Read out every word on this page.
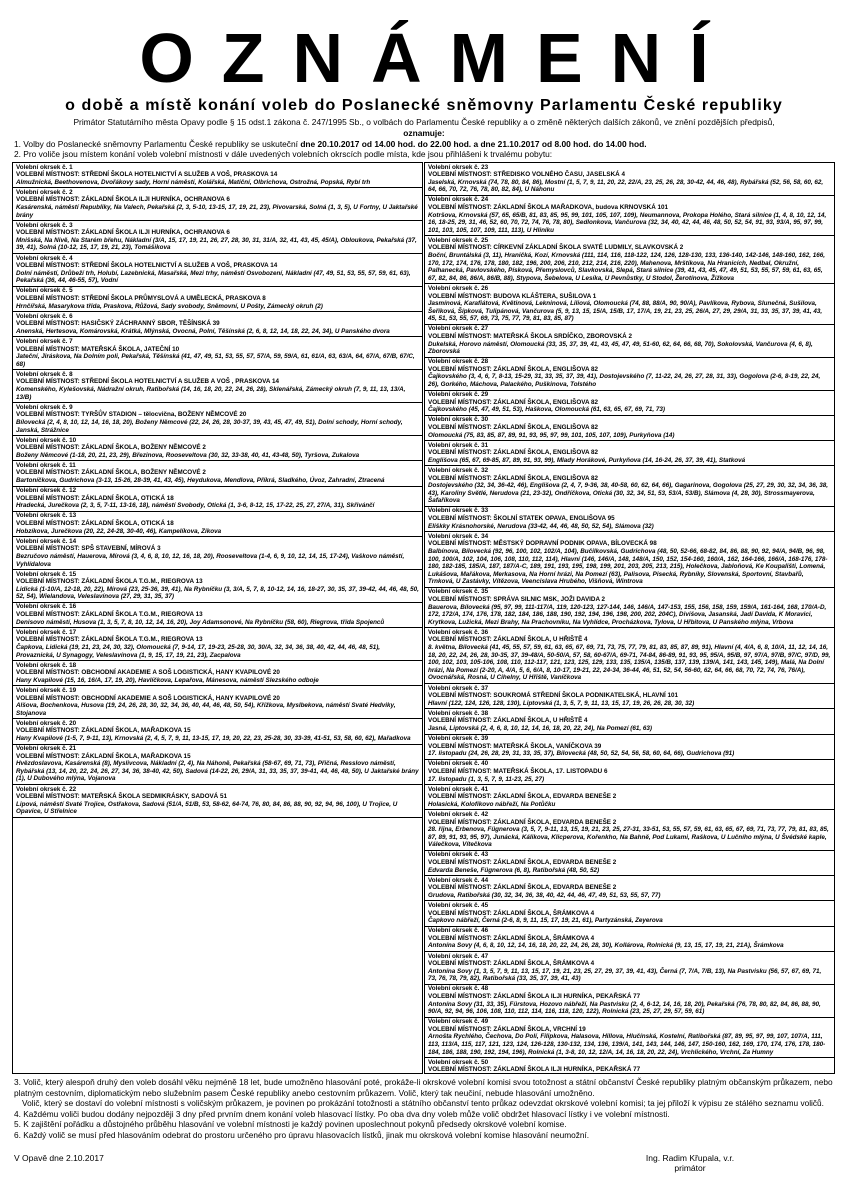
OZNÁMENÍ
o době a místě konání voleb do Poslanecké sněmovny Parlamentu České republiky
Primátor Statutárního města Opavy podle § 15 odst.1 zákona č. 247/1995 Sb., o volbách do Parlamentu České republiky a o změně některých dalších zákonů, ve znění pozdějších předpisů,
oznamuje:
1. Volby do Poslanecké sněmovny Parlamentu České republiky se uskuteční dne 20.10.2017 od 14.00 hod. do 22.00 hod. a dne 21.10.2017 od 8.00 hod. do 14.00 hod.
2. Pro voliče jsou místem konání voleb volební místnosti v dále uvedených volebních okrscích podle místa, kde jsou přihlášeni k trvalému pobytu:
Volební okrsek č. 1
VOLEBNÍ MÍSTNOST: STŘEDNÍ ŠKOLA HOTELNICTVÍ A SLUŽEB A VOŠ, PRASKOVA 14
Almužnická, Beethovenova, Dvořákovy sady, Horní náměstí, Kolářská, Matiční, Olbrichova, Ostrožná, Popská, Rybí trh
Volební okrsek č. 2
VOLEBNÍ MÍSTNOST: ZÁKLADNÍ ŠKOLA ILJI HURNÍKA, OCHRANOVA 6
Kasárenská, náměstí Republiky, Na Valech, Pekařská (2, 3, 5-10, 13-15, 17, 19, 21, 23), Pivovarská, Solná (1, 3, 5), U Fortny, U Jaktařské brány
Volební okrsek č. 3
VOLEBNÍ MÍSTNOST: ZÁKLADNÍ ŠKOLA ILJI HURNÍKA, OCHRANOVA 6
Mnišská, Na Nivě, Na Starém břehu, Nákladní (3/A, 15, 17, 19, 21, 26, 27, 28, 30, 31, 31/A, 32, 41, 43, 45, 45/A), Obloukova, Pekařská (37, 39, 41), Solná (10-12, 15, 17, 19, 21, 23), Tomášikova
Volební okrsek č. 4
VOLEBNÍ MÍSTNOST: STŘEDNÍ ŠKOLA HOTELNICTVÍ A SLUŽEB A VOŠ, PRASKOVA 14
Dolní náměstí, Drůbeží trh, Holubí, Lazebnická, Masařská, Mezi trhy, náměstí Osvobození, Nákladní (47, 49, 51, 53, 55, 57, 59, 61, 63), Pekařská (36, 44, 46-55, 57), Vodní
Volební okrsek č. 5
VOLEBNÍ MÍSTNOST: STŘEDNÍ ŠKOLA PRŮMYSLOVÁ A UMĚLECKÁ, PRASKOVA 8
Hrnčířská, Masarykova třída, Praskova, Růžová, Sady svobody, Sněmovní, U Pošty, Zámecký okruh (2)
Volební okrsek č. 6
VOLEBNÍ MÍSTNOST: HASIČSKÝ ZÁCHRANNÝ SBOR, TĚŠÍNSKÁ 39
Anenská, Hertesova, Komárovská, Krátká, Mlýnská, Ovocná, Polní, Těšínská (2, 6, 8, 12, 14, 18, 22, 24, 34), U Panského dvora
Volební okrsek č. 7
VOLEBNÍ MÍSTNOST: MATEŘSKÁ ŠKOLA, JATEČNÍ 10
Jateční, Jiráskova, Na Dolním poli, Pekařská, Těšínská (41, 47, 49, 51, 53, 55, 57, 57/A, 59, 59/A, 61, 61/A, 63, 63/A, 64, 67/A, 67/B, 67/C, 68)
Volební okrsek č. 8
VOLEBNÍ MÍSTNOST: STŘEDNÍ ŠKOLA HOTELNICTVÍ A SLUŽEB A VOŠ , PRASKOVA 14
Komenského, Kylešovská, Nádražní okruh, Ratibořská (14, 16, 18, 20, 22, 24, 26, 28), Sklenářská, Zámecký okruh (7, 9, 11, 13, 13/A, 13/B)
Volební okrsek č. 9
VOLEBNÍ MÍSTNOST: TYRŠŮV STADION – tělocvična, BOŽENY NĚMCOVÉ 20
Bílovecká (2, 4, 8, 10, 12, 14, 16, 18, 20), Boženy Němcové (22, 24, 26, 28, 30-37, 39, 43, 45, 47, 49, 51), Dolní schody, Horní schody, Janská, Strážnice
Volební okrsek č. 10
VOLEBNÍ MÍSTNOST: ZÁKLADNÍ ŠKOLA, BOŽENY NĚMCOVÉ 2
Boženy Němcové (1-18, 20, 21, 23, 29), Březinova, Rooseveltova (30, 32, 33-38, 40, 41, 43-48, 50), Tyršova, Zukalova
Volební okrsek č. 11
VOLEBNÍ MÍSTNOST: ZÁKLADNÍ ŠKOLA, BOŽENY NĚMCOVÉ 2
Bartoníčkova, Gudrichova (3-13, 15-26, 28-39, 41, 43, 45), Heydukova, Mendlova, Příkrá, Sladkého, Úvoz, Zahradní, Ztracená
Volební okrsek č. 12
VOLEBNÍ MÍSTNOST: ZÁKLADNÍ ŠKOLA, OTICKÁ 18
Hradecká, Jurečkova (2, 3, 5, 7-11, 13-16, 18), náměstí Svobody, Otická (1, 3-6, 8-12, 15, 17-22, 25, 27, 27/A, 31), Skřivánčí
Volební okrsek č. 13
VOLEBNÍ MÍSTNOST: ZÁKLADNÍ ŠKOLA, OTICKÁ 18
Hobzíkova, Jurečkova (20, 22, 24-28, 30-40, 46), Kampelíkova, Zíkova
Volební okrsek č. 14
VOLEBNÍ MÍSTNOST: SPŠ STAVEBNÍ, MÍROVÁ 3
Bezručovo náměstí, Hauerova, Mírová (3, 4, 6, 8, 10, 12, 16, 18, 20), Rooseveltova (1-4, 6, 9, 10, 12, 14, 15, 17-24), Vaškovo náměstí, Vyhlídalova
Volební okrsek č. 15
VOLEBNÍ MÍSTNOST: ZÁKLADNÍ ŠKOLA T.G.M., RIEGROVA 13
Lidická (1-10/A, 12-18, 20, 22), Mírová (23, 25-36, 39, 41), Na Rybníčku (3, 3/A, 5, 7, 8, 10-12, 14, 16, 18-27, 30, 35, 37, 39-42, 44, 46, 48, 50, 52, 54), Wielandova, Veleslavínova (27, 29, 31, 35, 37)
Volební okrsek č. 16
VOLEBNÍ MÍSTNOST: ZÁKLADNÍ ŠKOLA T.G.M., RIEGROVA 13
Denisovo náměstí, Husova (1, 3, 5, 7, 8, 10, 12, 14, 16, 20), Joy Adamsonové, Na Rybníčku (58, 60), Riegrova, třída Spojenců
Volební okrsek č. 17
VOLEBNÍ MÍSTNOST: ZÁKLADNÍ ŠKOLA T.G.M., RIEGROVA 13
Čapkova, Lidická (19, 21, 23, 24, 30, 32), Olomoucká (7, 9-14, 17, 19-23, 25-28, 30, 30/A, 32, 34, 36, 38, 40, 42, 44, 46, 48, 51), Provaznická, U Synagogy, Veleslavínova (1, 9, 15, 17, 19, 21, 23), Zacpalova
Volební okrsek č. 18
VOLEBNÍ MÍSTNOST: OBCHODNÍ AKADEMIE A SOŠ LOGISTICKÁ, HANY KVAPILOVÉ 20
Hany Kvapilové (15, 16, 16/A, 17, 19, 20), Havlíčkova, Lepařova, Mánesova, náměstí Slezského odboje
Volební okrsek č. 19
VOLEBNÍ MÍSTNOST: OBCHODNÍ AKADEMIE A SOŠ LOGISTICKÁ, HANY KVAPILOVÉ 20
Alšova, Bochenkova, Husova (19, 24, 26, 28, 30, 32, 34, 36, 40, 44, 46, 48, 50, 54), Křížkova, Myslbekova, náměstí Svaté Hedviky, Stojanova
Volební okrsek č. 20
VOLEBNÍ MÍSTNOST: ZÁKLADNÍ ŠKOLA, MAŘADKOVA 15
Hany Kvapilové (1-5, 7, 9-11, 13), Krnovská (2, 4, 5, 7, 9, 11, 13-15, 17, 19, 20, 22, 23, 25-28, 30, 33-39, 41-51, 53, 58, 60, 62), Mařadkova
Volební okrsek č. 21
VOLEBNÍ MÍSTNOST: ZÁKLADNÍ ŠKOLA, MAŘADKOVA 15
Hvězdoslavova, Kasárenská (8), Myslivcova, Nákladní (2, 4), Na Náhoně, Pekařská (58-67, 69, 71, 73), Přičná, Resslovo náměstí, Rybářská (13, 14, 20, 22, 24, 26, 27, 34, 36, 38-40, 42, 50), Sadová (14-22, 26, 29/A, 31, 33, 35, 37, 39-41, 44, 46, 48, 50), U Jaktařské brány (1), U Dubového mlýna, Vojanova
Volební okrsek č. 22
VOLEBNÍ MÍSTNOST: MATEŘSKÁ ŠKOLA SEDMIKRÁSKY, SADOVÁ 51
Lipová, náměstí Svaté Trojice, Ostřakova, Sadová (51/A, 51/B, 53, 58-62, 64-74, 76, 80, 84, 86, 88, 90, 92, 94, 96, 100), U Trojice, U Opavice, U Střelnice
Volební okrsek č. 23
VOLEBNÍ MÍSTNOST: STŘEDISKO VOLNÉHO ČASU, JASELSKÁ 4
Jaselská, Krnovská (74, 78, 80, 84, 86), Mostní (1, 5, 7, 9, 11, 20, 22, 22/A, 23, 25, 26, 28, 30-42, 44, 46, 48), Rybářská (52, 56, 58, 60, 62, 64, 66, 70, 72, 76, 78, 80, 82, 84), U Náhonu
Volební okrsek č. 24
VOLEBNÍ MÍSTNOST: ZÁKLADNÍ ŠKOLA MAŘADKOVA, budova KRNOVSKÁ 101
Kotršova, Krnovská (57, 65, 65/B, 81, 83, 85, 95, 99, 101, 105, 107, 109), Neumannova, Prokopa Holého, Stará silnice (1, 4, 8, 10, 12, 14, 16, 18-25, 29, 31, 46, 52, 60, 70, 72, 74, 76, 78, 80), Sedlonkova, Vančurova (32, 34, 40, 42, 44, 46, 48, 50, 52, 54, 91, 93, 93/A, 95, 97, 99, 101, 103, 105, 107, 109, 111, 113), U Hliníku
Volební okrsek č. 25
VOLEBNÍ MÍSTNOST: CÍRKEVNÍ ZÁKLADNÍ ŠKOLA SVATÉ LUDMILY, SLAVKOVSKÁ 2
Boční, Bruntálská (3, 11), Hraničká, Kozí, Krnovská (111, 114, 116, 118-122, 124, 126, 128-130, 133, 136-140, 142-146, 148-160, 162, 166, 170, 172, 174, 176, 178, 180, 182, 196, 200, 206, 210, 212, 214, 216, 220), Mahenova, Mrštíkova, Na Hranicích, Nedbal, Okružní, Palhanecká, Pavlovského, Písková, Přemyslovců, Slavkovská, Slepá, Stará silnice (39, 41, 43, 45, 47, 49, 51, 53, 55, 57, 59, 61, 63, 65, 67, 82, 84, 86, 86/A, 86/B, 88), Stypova, Šebelova, U Lesíka, U Pevnůstky, U Stodol, Žerotínova, Žižkova
Volební okrsek č. 26
VOLEBNÍ MÍSTNOST: BUDOVA KLÁŠTERA, SUŠILOVA 1
Jasmínová, Karafiátová, Květinová, Lekninová, Liliová, Olomoucká (74, 88, 88/A, 90, 90/A), Pavlíkova, Rybova, Slunečná, Sušilova, Šeříková, Šípková, Tulipánová, Vančurova (5, 9, 13, 15, 15/A, 15/B, 17, 17/A, 19, 21, 23, 25, 26/A, 27, 29, 29/A, 31, 33, 35, 37, 39, 41, 43, 45, 51, 53, 55, 57, 69, 73, 75, 77, 79, 81, 83, 85, 87)
Volební okrsek č. 27
VOLEBNÍ MÍSTNOST: MATEŘSKÁ ŠKOLA SRDÍČKO, ZBOROVSKÁ 2
Dukelská, Horovo náměstí, Olomoucká (33, 35, 37, 39, 41, 43, 45, 47, 49, 51-60, 62, 64, 66, 68, 70), Sokolovská, Vančurova (4, 6, 8), Zborovská
Volební okrsek č. 28
VOLEBNÍ MÍSTNOST: ZÁKLADNÍ ŠKOLA, ENGLIŠOVA 82
Čajkovského (3, 4, 6, 7, 8-13, 15-29, 31, 33, 35, 37, 39, 41), Dostojevského (7, 11-22, 24, 26, 27, 28, 31, 33), Gogolova (2-6, 8-19, 22, 24, 26), Gorkého, Máchova, Palackého, Puškinova, Tolstého
Volební okrsek č. 29
VOLEBNÍ MÍSTNOST: ZÁKLADNÍ ŠKOLA, ENGLIŠOVA 82
Čajkovského (45, 47, 49, 51, 53), Haškova, Olomoucká (61, 63, 65, 67, 69, 71, 73)
Volební okrsek č. 30
VOLEBNÍ MÍSTNOST: ZÁKLADNÍ ŠKOLA, ENGLIŠOVA 82
Olomoucká (75, 83, 85, 87, 89, 91, 93, 95, 97, 99, 101, 105, 107, 109), Purkyňova (14)
Volební okrsek č. 31
VOLEBNÍ MÍSTNOST: ZÁKLADNÍ ŠKOLA, ENGLIŠOVA 82
Englišova (65, 67, 69-85, 87, 89, 91, 93, 99), Mlady Horákové, Purkyňova (14, 16-24, 26, 37, 39, 41), Statková
Volební okrsek č. 32
VOLEBNÍ MÍSTNOST: ZÁKLADNÍ ŠKOLA, ENGLIŠOVA 82
Dostojevského (32, 34, 36-42, 46), Englišova (2, 4, 7, 9-36, 38, 40-58, 60, 62, 64, 66), Gagarinova, Gogolova (25, 27, 29, 30, 32, 34, 36, 38, 43), Karoliny Světlé, Nerudova (21, 23-32), Ondříčkova, Otická (30, 32, 34, 51, 53, 53/A, 53/B), Slámova (4, 28, 30), Strossmayerova, Šafaříkova
Volební okrsek č. 33
VOLEBNÍ MÍSTNOST: ŠKOLNÍ STATEK OPAVA, ENGLIŠOVA 95
Eliškky Krásnohorské, Nerudova (33-42, 44, 46, 48, 50, 52, 54), Slámova (32)
Volební okrsek č. 34
VOLEBNÍ MÍSTNOST: MĚSTSKÝ DOPRAVNÍ PODNIK OPAVA, BÍLOVECKÁ 98
Balbínova, Bílovecká (92, 96, 100, 102, 102/A, 104), Bučilkovská, Gudrichova (48, 50, 52-66, 68-82, 84, 86, 88, 90, 92, 94/A, 94/B, 96, 98, 100, 100/A, 102, 104, 106, 108, 110, 112, 114), Hlavní (146, 146/A, 148, 148/A, 150, 152, 154-160, 160/A, 162, 164-166, 166/A, 168-176, 178-180, 182-185, 185/A, 187, 187/A-C, 189, 191, 193, 195, 198, 199, 201, 203, 205, 213, 215), Holečkova, Jabloňová, Ke Koupališti, Lomená, Lukášova, Mařákova, Merkasova, Na Horní hrázi, Na Pomezí (63), Palisova, Pisecká, Rybníky, Slovenská, Sportovní, Stavbařů, Trnková, U Zastávky, Vítězova, Veencislava Hrubého, Višňová, Wintrova
Volební okrsek č. 35
VOLEBNÍ MÍSTNOST: SPRÁVA SILNIC MSK, JOŽI DAVIDA 2
Bauerova, Bílovecká (95, 97, 99, 111-117/A, 119, 120-123, 127-144, 146, 146/A, 147-153, 155, 156, 158, 159, 159/A, 161-164, 168, 170/A-D, 172, 172/A, 174, 176, 178, 182, 184, 186, 188, 190, 192, 194, 196, 198, 200, 202, 204C), Divišova, Jasanská, Jadí Davida, K Moravici, Krytkova, Lužická, Mezi Brahy, Na Prachovníku, Na Vyhlídce, Procházkova, Tylova, U Hřbitova, U Panského mlýna, Vrbova
Volební okrsek č. 36
VOLEBNÍ MÍSTNOST: ZÁKLADNÍ ŠKOLA, U HŘIŠTĚ 4
8. května, Bílovecká (41, 45, 55, 57, 59, 61, 63, 65, 67, 69, 71, 73, 75, 77, 79, 81, 83, 85, 87, 89, 91), Hlavní (4, 4/A, 6, 8, 10/A, 11, 12, 14, 16, 18, 20, 22, 24, 26, 28, 30-35, 37, 39-48/A, 50-50/A, 57, 58, 60-67/A, 69-71, 74-84, 86-89, 91, 93, 95, 95/A, 95/B, 97, 97/A, 97/B, 97/C, 97/D, 99, 100, 102, 103, 105-106, 108, 110, 112-117, 121, 123, 125, 129, 133, 135, 135/A, 135/B, 137, 139, 139/A, 141, 143, 145, 149), Malá, Na Dolní hrázi, Na Pomezí (2-20, A, 4/A, 5, 6, 6/A, 8, 10-17, 19-21, 22, 24-34, 36-44, 46, 51, 52, 54, 56-60, 62, 64, 66, 68, 70, 72, 74, 76, 76/A), Ovocnářská, Rosná, U Cihelny, U Hřiště, Vaníčkova
Volební okrsek č. 37
VOLEBNÍ MÍSTNOST: SOUKROMÁ STŘEDNÍ ŠKOLA PODNIKATELSKÁ, HLAVNÍ 101
Hlavní (122, 124, 126, 128, 130), Liptovská (1, 3, 5, 7, 9, 11, 13, 15, 17, 19, 26, 26, 28, 30, 32)
Volební okrsek č. 38
VOLEBNÍ MÍSTNOST: ZÁKLADNÍ ŠKOLA, U HŘIŠTĚ 4
Jasná, Liptovská (2, 4, 6, 8, 10, 12, 14, 16, 18, 20, 22, 24), Na Pomezí (61, 63)
Volební okrsek č. 39
VOLEBNÍ MÍSTNOST: MATEŘSKÁ ŠKOLA, VANÍČKOVA 39
17. listopadu (24, 26, 28, 29, 31, 33, 35, 37), Bílovecká (48, 50, 52, 54, 56, 58, 60, 64, 66), Gudrichova (91)
Volební okrsek č. 40
VOLEBNÍ MÍSTNOST: MATEŘSKÁ ŠKOLA, 17. LISTOPADU 6
17. listopadu (1, 3, 5, 7, 9, 11-23, 25, 27)
Volební okrsek č. 41
VOLEBNÍ MÍSTNOST: ZÁKLADNÍ ŠKOLA, EDVARDA BENEŠE 2
Holasická, Kolofíkovo nábřeží, Na Potůčku
Volební okrsek č. 42
VOLEBNÍ MÍSTNOST: ZÁKLADNÍ ŠKOLA, EDVARDA BENEŠE 2
28. října, Erbenova, Fügnerova (3, 5, 7, 9-11, 13, 15, 19, 21, 23, 25, 27-31, 33-51, 53, 55, 57, 59, 61, 63, 65, 67, 69, 71, 73, 77, 79, 81, 83, 85, 87, 89, 91, 93, 95, 97), Junácká, Kálikova, Klicperova, Kořenkho, Na Bahně, Pod Lukami, Raškova, U Lučního mlýna, U Švédské kaple, Válečkova, Vítečkova
Volební okrsek č. 43
VOLEBNÍ MÍSTNOST: ZÁKLADNÍ ŠKOLA, EDVARDA BENEŠE 2
Edvarda Beneše, Fügnerova (6, 8), Ratibořská (48, 50, 52)
Volební okrsek č. 44
VOLEBNÍ MÍSTNOST: ZÁKLADNÍ ŠKOLA, EDVARDA BENEŠE 2
Grudova, Ratibořská (30, 32, 34, 36, 38, 40, 42, 44, 46, 47, 49, 51, 53, 55, 57, 77)
Volební okrsek č. 45
VOLEBNÍ MÍSTNOST: ZÁKLADNÍ ŠKOLA, ŠRÁMKOVA 4
Čapkovo nábřeží, Černá (2-6, 8, 9, 11, 15, 17, 19, 21, 61), Partyzánská, Zeyerova
Volební okrsek č. 46
VOLEBNÍ MÍSTNOST: ZÁKLADNÍ ŠKOLA, ŠRÁMKOVA 4
Antonína Sovy (4, 6, 8, 10, 12, 14, 16, 18, 20, 22, 24, 26, 28, 30), Kollárova, Rolnická (9, 13, 15, 17, 19, 21, 21A), Šrámkova
Volební okrsek č. 47
VOLEBNÍ MÍSTNOST: ZÁKLADNÍ ŠKOLA, ŠRÁMKOVA 4
Antonína Sovy (1, 3, 5, 7, 9, 11, 13, 15, 17, 19, 21, 23, 25, 27, 29, 37, 39, 41, 43), Černá (7, 7/A, 7/B, 13), Na Pastvisku (56, 57, 67, 69, 71, 73, 76, 78, 79, 82), Ratibořská (33, 35, 37, 39, 41, 43)
Volební okrsek č. 48
VOLEBNÍ MÍSTNOST: ZÁKLADNÍ ŠKOLA ILJI HURNÍKA, PEKAŘSKÁ 77
Antonína Sovy (31, 33, 35), Fürstova, Hozovo nábřeží, Na Pastvisku (2, 4, 6-12, 14, 16, 18, 20), Pekařská (76, 78, 80, 82, 84, 86, 88, 90, 90/A, 92, 94, 96, 106, 108, 110, 112, 114, 116, 118, 120, 122), Rolnická (23, 25, 27, 29, 57, 59, 61)
Volební okrsek č. 49
VOLEBNÍ MÍSTNOST: ZÁKLADNÍ ŠKOLA, VRCHNÍ 19
Arnošta Rychlého, Čechova, Do Polí, Filipkova, Halasova, Hillova, Hlučínská, Kostelní, Ratibořská (87, 89, 95, 97, 99, 107, 107/A, 111, 113, 113/A, 115, 117, 121, 123, 124, 126-128, 130-132, 134, 136, 139/A, 141, 143, 144, 146, 147, 150-160, 162, 169, 170, 174, 176, 178, 180-184, 186, 188, 190, 192, 194, 196), Rolnická (1, 3-8, 10, 12, 12/A, 14, 16, 18, 20, 22, 24), Vrchlického, Vrchní, Za Humny
Volební okrsek č. 50
VOLEBNÍ MÍSTNOST: ZÁKLADNÍ ŠKOLA ILJI HURNÍKA, PEKAŘSKÁ 77

3. Volič, který alespoň druhý den voleb dosáhl věku nejméně 18 let, bude umožněno hlasování poté, prokáže-li okrskové volební komisi svou totožnost a státní občanství České republiky platným občanským průkazem, nebo platným cestovním, diplomatickým nebo služebním pasem České republiky anebo cestovním průkazem. Volič, který tak neučiní, nebude hlasování umožněno.

Volič, který se dostaví do volební místnosti s voličským průkazem, je povinen po prokázání totožnosti a státního občanství tento průkaz odevzdat okrskové volební komisi; ta jej přiloží k výpisu ze stálého seznamu voličů.

4. Každému voliči budou dodány nejpozději 3 dny před prvním dnem konání voleb hlasovací lístky. Po oba dva dny voleb může volič obdržet hlasovací lístky i ve volební místnosti.

5. K zajištění pořádku a důstojného průběhu hlasování ve volební místnosti je každý povinen uposlechnout pokynů předsedy okrskové volební komise.

6. Každý volič se musí před hlasováním odebrat do prostoru určeného pro úpravu hlasovacích lístků, jinak mu okrsková volební komise hlasování neumožní.

V Opavě dne 2.10.2017	Ing. Radim Křupala, v.r.
primátor
